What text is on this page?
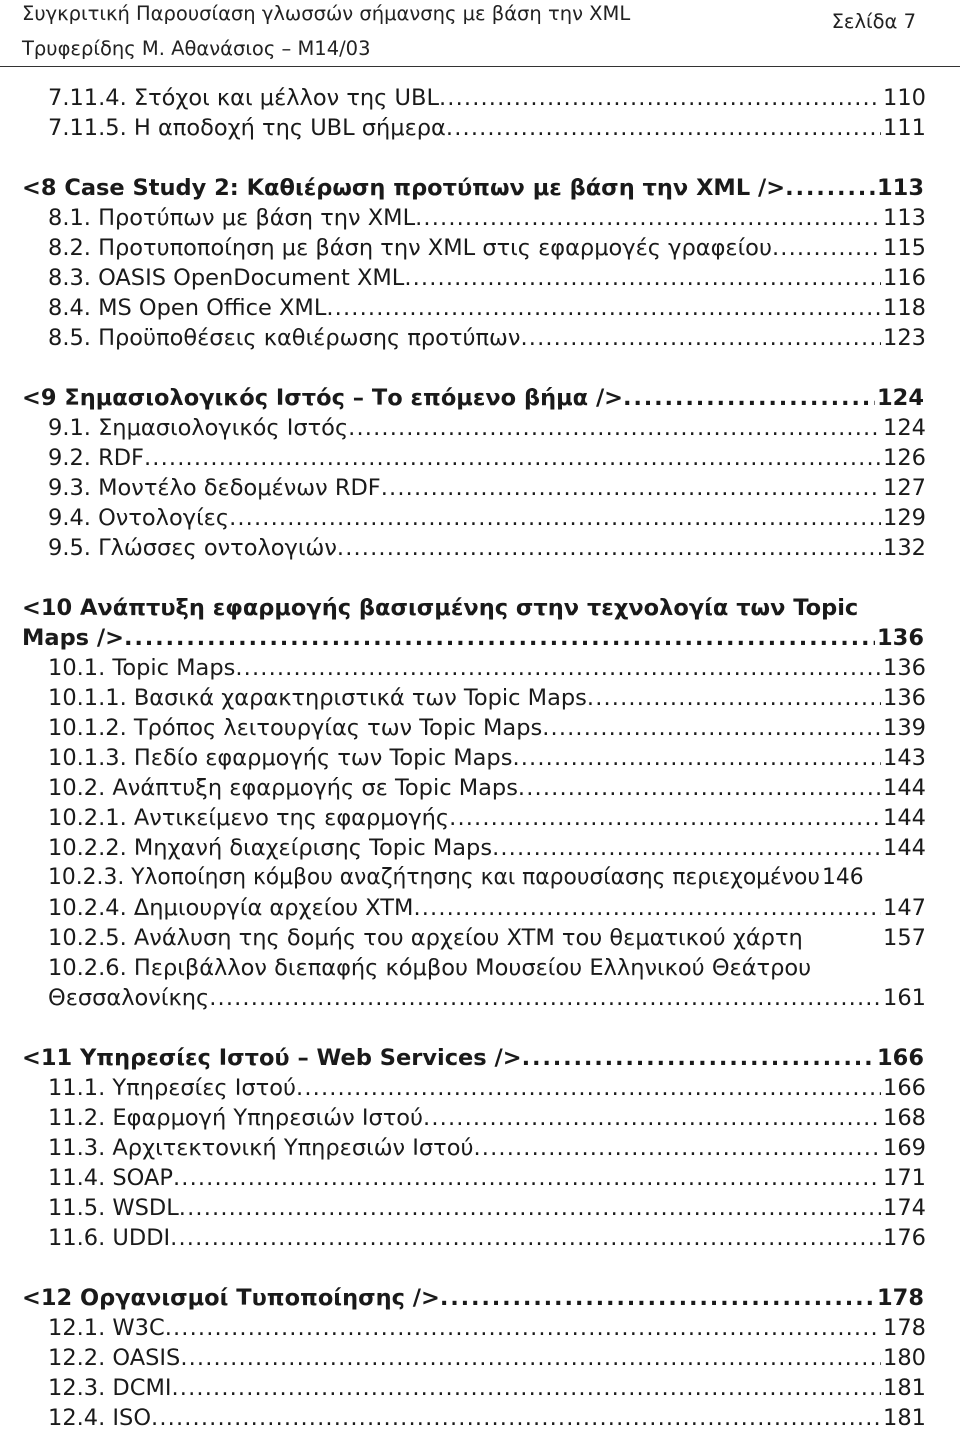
Συγκριτική Παρουσίαση γλωσσών σήμανσης με βάση την XML
Τρυφερίδης Μ. Αθανάσιος – Μ14/03
Σελίδα 7
7.11.4. Στόχοι και μέλλον της UBL . . .	110
7.11.5. Η αποδοχή της UBL σήμερα . . .	111
<8 Case Study 2: Καθιέρωση προτύπων με βάση την XML /> . . .	113
8.1. Προτύπων με βάση την XML . . .	113
8.2. Προτυποποίηση με βάση την XML στις εφαρμογές γραφείου . . .	115
8.3. OASIS OpenDocument XML . . .	116
8.4. MS Open Office XML . . .	118
8.5. Προϋποθέσεις καθιέρωσης προτύπων . . .	123
<9 Σημασιολογικός Ιστός – Το επόμενο βήμα /> . . .	124
9.1. Σημασιολογικός Ιστός . . .	124
9.2. RDF . . .	126
9.3. Μοντέλο δεδομένων RDF . . .	127
9.4. Οντολογίες . . .	129
9.5. Γλώσσες οντολογιών . . .	132
<10 Ανάπτυξη εφαρμογής βασισμένης στην τεχνολογία των Topic
Maps /> . . .	136
10.1. Topic Maps . . .	136
10.1.1. Βασικά χαρακτηριστικά των Topic Maps . . .	136
10.1.2. Τρόπος λειτουργίας των Topic Maps . . .	139
10.1.3. Πεδίο εφαρμογής των Topic Maps . . .	143
10.2. Ανάπτυξη εφαρμογής σε Topic Maps . . .	144
10.2.1. Αντικείμενο της εφαρμογής . . .	144
10.2.2. Μηχανή διαχείρισης Topic Maps . . .	144
10.2.3. Υλοποίηση κόμβου αναζήτησης και παρουσίασης περιεχομένου 146
10.2.4. Δημιουργία αρχείου XTM . . .	147
10.2.5. Ανάλυση της δομής του αρχείου XTM του θεματικού χάρτη	157
10.2.6. Περιβάλλον διεπαφής κόμβου Μουσείου Ελληνικού Θεάτρου
Θεσσαλονίκης . . .	161
<11 Υπηρεσίες Ιστού – Web Services /> . . .	166
11.1. Υπηρεσίες Ιστού . . .	166
11.2. Εφαρμογή Υπηρεσιών Ιστού . . .	168
11.3. Αρχιτεκτονική Υπηρεσιών Ιστού . . .	169
11.4. SOAP . . .	171
11.5. WSDL . . .	174
11.6. UDDI . . .	176
<12 Οργανισμοί Τυποποίησης /> . . .	178
12.1. W3C . . .	178
12.2. OASIS . . .	180
12.3. DCMI . . .	181
12.4. ISO . . .	181
